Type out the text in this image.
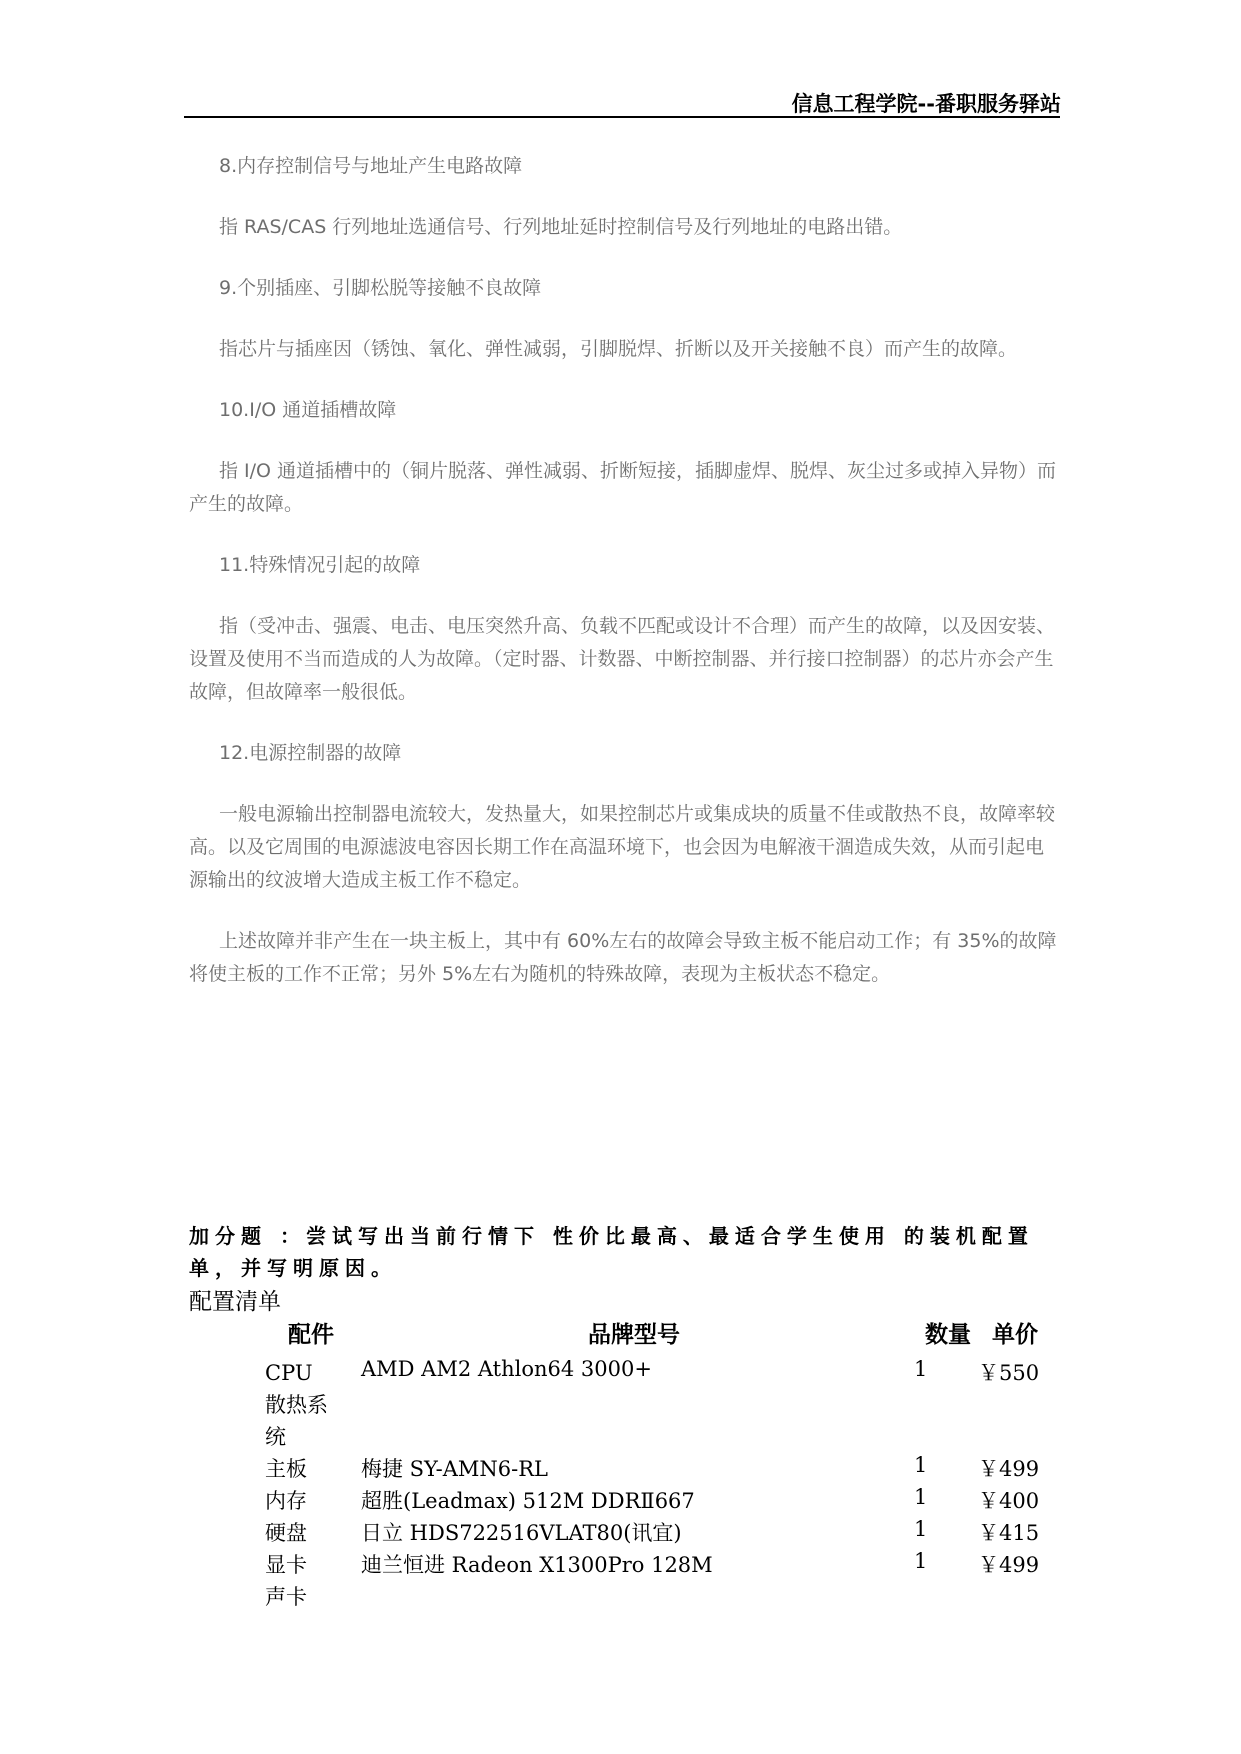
信息工程学院--番职服务驿站

8.内存控制信号与地址产生电路故障

指 RAS/CAS 行列地址选通信号、行列地址延时控制信号及行列地址的电路出错。

9.个别插座、引脚松脱等接触不良故障

指芯片与插座因（锈蚀、氧化、弹性减弱，引脚脱焊、折断以及开关接触不良）而产生的故障。

10.I/O 通道插槽故障

指 I/O 通道插槽中的（铜片脱落、弹性减弱、折断短接，插脚虚焊、脱焊、灰尘过多或掉入异物）而产生的故障。

11.特殊情况引起的故障

指（受冲击、强震、电击、电压突然升高、负载不匹配或设计不合理）而产生的故障，以及因安装、设置及使用不当而造成的人为故障。（定时器、计数器、中断控制器、并行接口控制器）的芯片亦会产生故障，但故障率一般很低。

12.电源控制器的故障

一般电源输出控制器电流较大，发热量大，如果控制芯片或集成块的质量不佳或散热不良，故障率较高。以及它周围的电源滤波电容因长期工作在高温环境下，也会因为电解液干涸造成失效，从而引起电源输出的纹波增大造成主板工作不稳定。

上述故障并非产生在一块主板上，其中有 60%左右的故障会导致主板不能启动工作；有 35%的故障将使主板的工作不正常；另外 5%左右为随机的特殊故障，表现为主板状态不稳定。

加分题 ：尝试写出当前行情下 性价比最高、最适合学生使用 的装机配置单，并写明原因。
配置清单
配件	品牌型号	数量 单价
CPU	AMD AM2 Athlon64 3000+	1 ￥550
散热系统
主板	梅捷 SY-AMN6-RL	1 ￥499
内存	超胜(Leadmax) 512M DDRⅡ667	1 ￥400
硬盘	日立 HDS722516VLAT80(讯宜)	1 ￥415
显卡	迪兰恒进 Radeon X1300Pro 128M	1 ￥499
声卡
